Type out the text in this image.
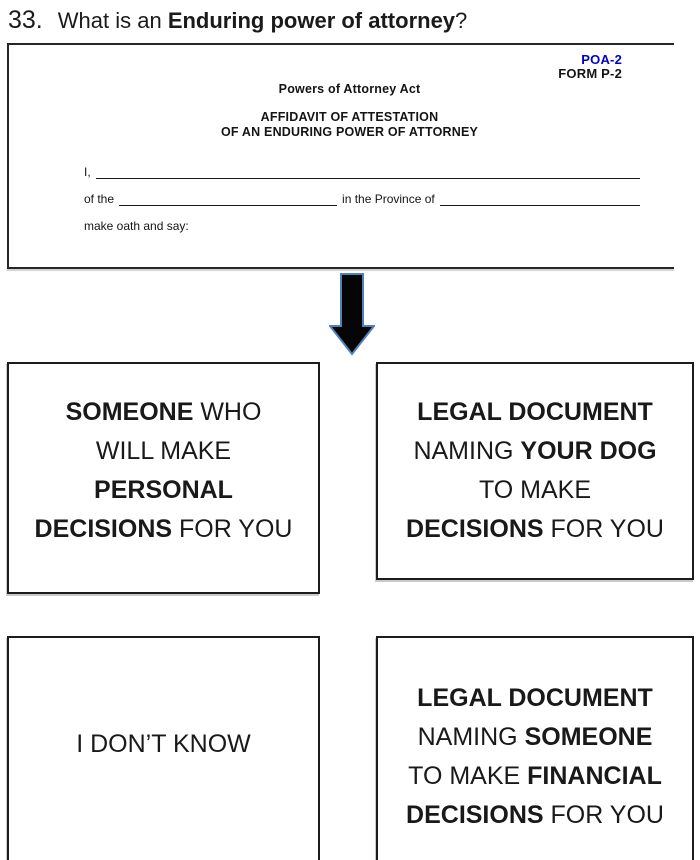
33. What is an Enduring power of attorney?
POA-2
FORM P-2
Powers of Attorney Act
AFFIDAVIT OF ATTESTATION
OF AN ENDURING POWER OF ATTORNEY
I,
of the	in the Province of
make oath and say:
SOMEONE WHO
WILL MAKE
PERSONAL
DECISIONS FOR YOU
LEGAL DOCUMENT
NAMING YOUR DOG
TO MAKE
DECISIONS FOR YOU
I DON’T KNOW
LEGAL DOCUMENT
NAMING SOMEONE
TO MAKE FINANCIAL
DECISIONS FOR YOU
